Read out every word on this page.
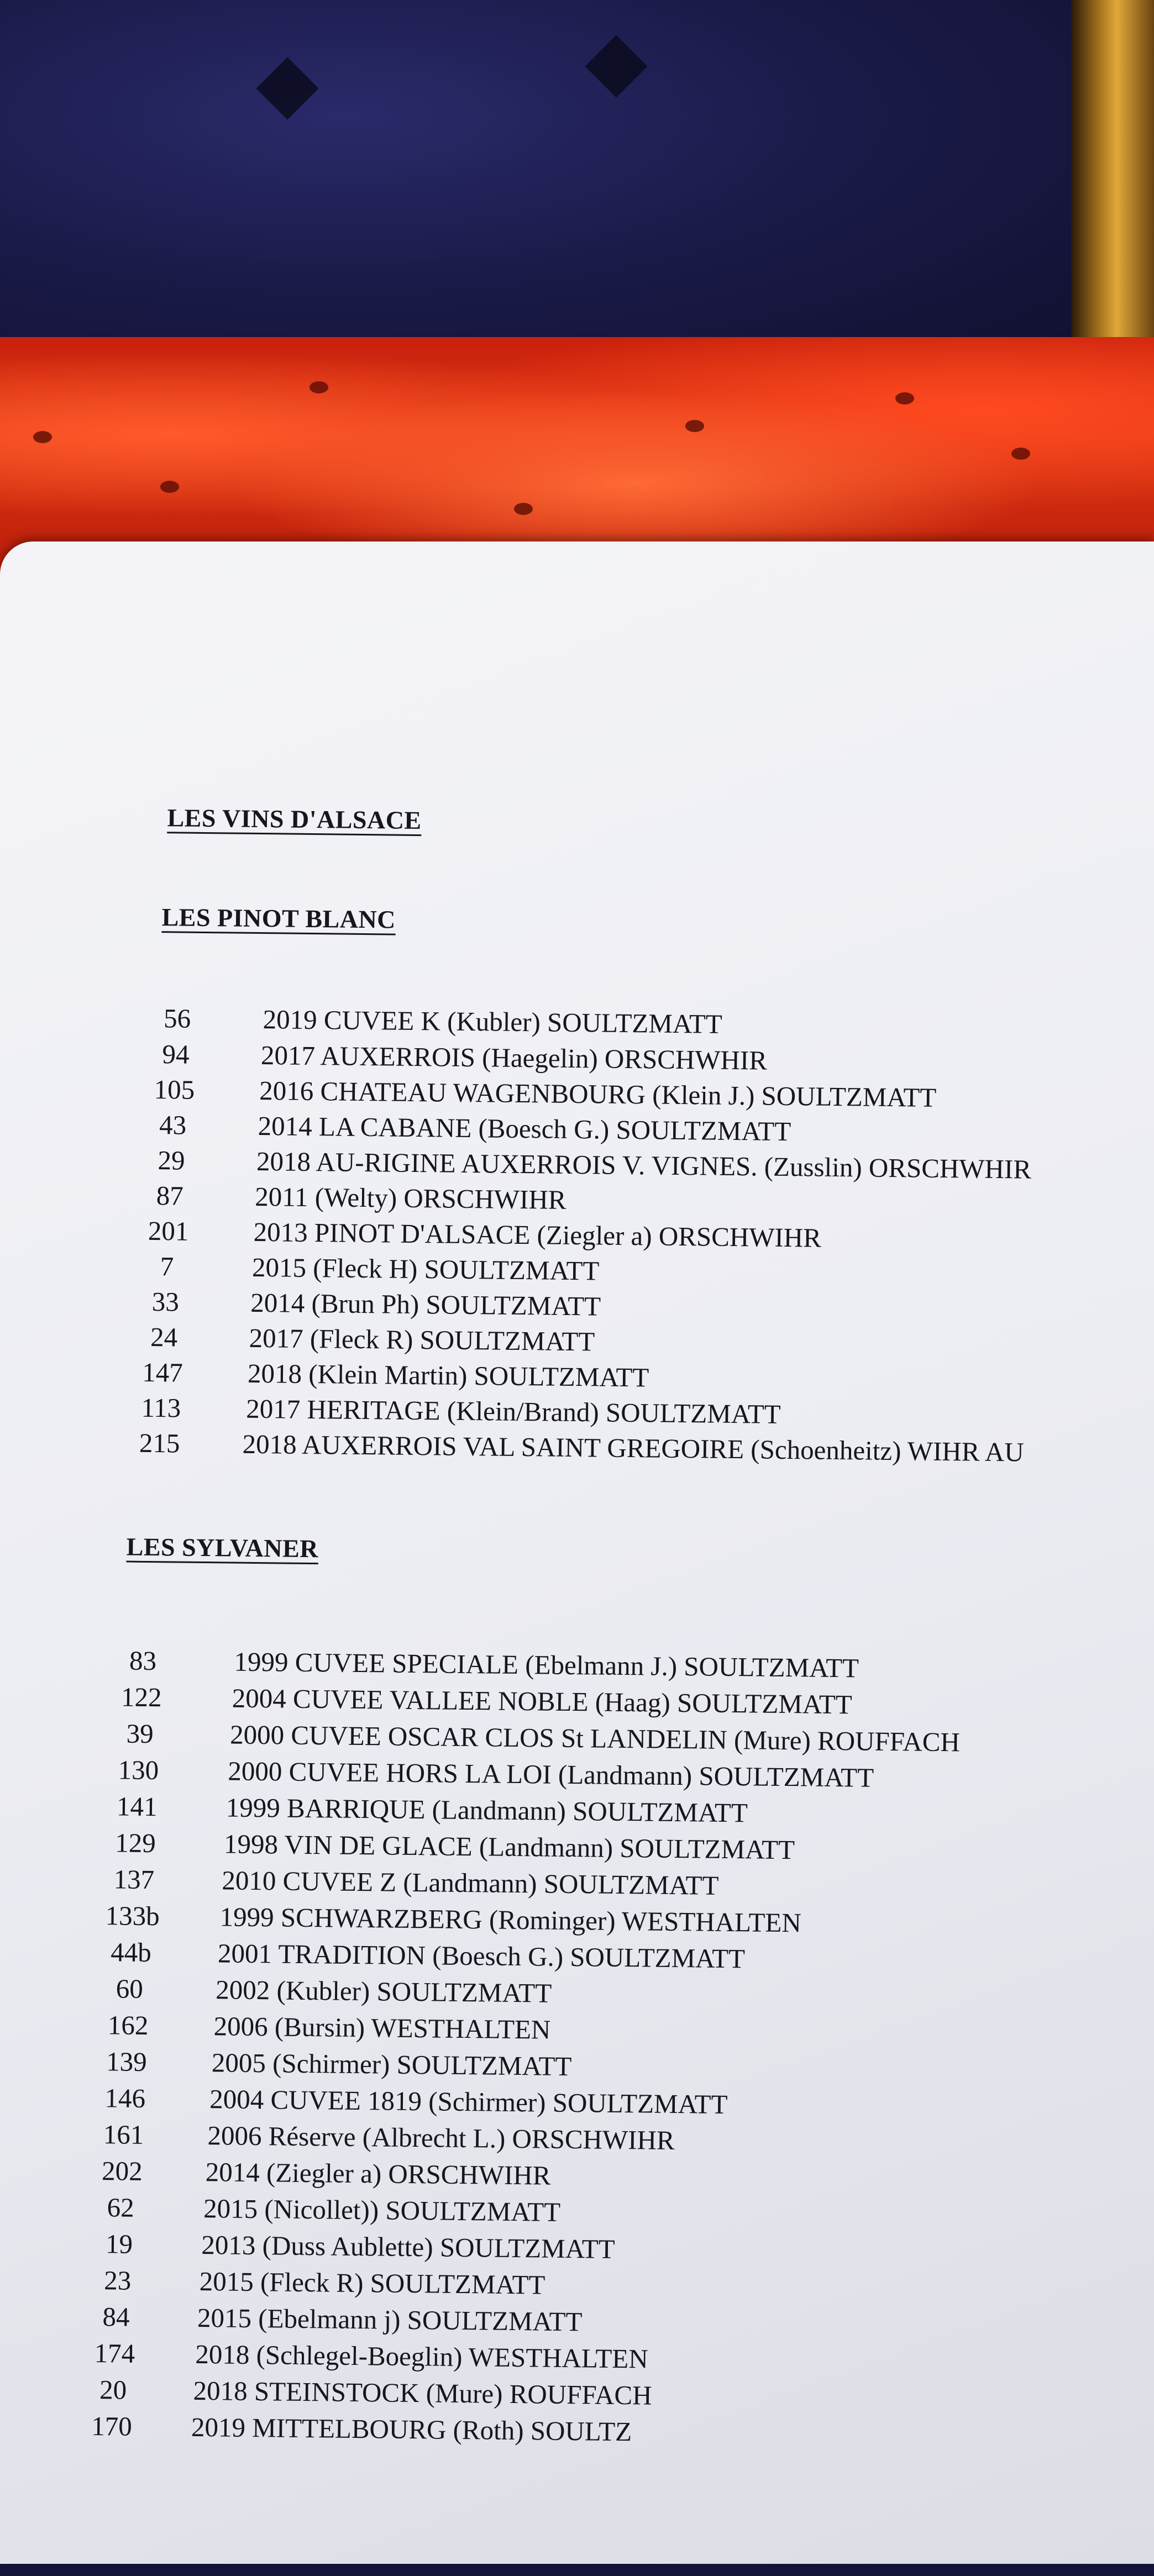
LES VINS D'ALSACE
LES PINOT BLANC
56	2019 CUVEE K (Kubler) SOULTZMATT
94	2017 AUXERROIS (Haegelin) ORSCHWHIR
105	2016 CHATEAU WAGENBOURG (Klein J.) SOULTZMATT
43	2014 LA CABANE (Boesch G.) SOULTZMATT
29	2018 AU-RIGINE AUXERROIS V. VIGNES. (Zusslin) ORSCHWHIR
87	2011 (Welty) ORSCHWIHR
201	2013 PINOT D'ALSACE (Ziegler a) ORSCHWIHR
7	2015 (Fleck H) SOULTZMATT
33	2014 (Brun Ph) SOULTZMATT
24	2017 (Fleck R) SOULTZMATT
147	2018 (Klein Martin) SOULTZMATT
113	2017 HERITAGE (Klein/Brand) SOULTZMATT
215	2018 AUXERROIS VAL SAINT GREGOIRE (Schoenheitz) WIHR AU
LES SYLVANER
83	1999 CUVEE SPECIALE (Ebelmann J.) SOULTZMATT
122	2004 CUVEE VALLEE NOBLE (Haag) SOULTZMATT
39	2000 CUVEE OSCAR CLOS St LANDELIN (Mure) ROUFFACH
130	2000 CUVEE HORS LA LOI (Landmann) SOULTZMATT
141	1999 BARRIQUE (Landmann) SOULTZMATT
129	1998 VIN DE GLACE (Landmann) SOULTZMATT
137	2010 CUVEE Z (Landmann) SOULTZMATT
133b	1999 SCHWARZBERG (Rominger) WESTHALTEN
44b	2001 TRADITION (Boesch G.) SOULTZMATT
60	2002 (Kubler) SOULTZMATT
162	2006 (Bursin) WESTHALTEN
139	2005 (Schirmer) SOULTZMATT
146	2004 CUVEE 1819 (Schirmer) SOULTZMATT
161	2006 Réserve (Albrecht L.) ORSCHWIHR
202	2014 (Ziegler a) ORSCHWIHR
62	2015 (Nicollet)) SOULTZMATT
19	2013 (Duss Aublette) SOULTZMATT
23	2015 (Fleck R) SOULTZMATT
84	2015 (Ebelmann j) SOULTZMATT
174	2018 (Schlegel-Boeglin) WESTHALTEN
20	2018 STEINSTOCK (Mure) ROUFFACH
170	2019 MITTELBOURG (Roth) SOULTZ
